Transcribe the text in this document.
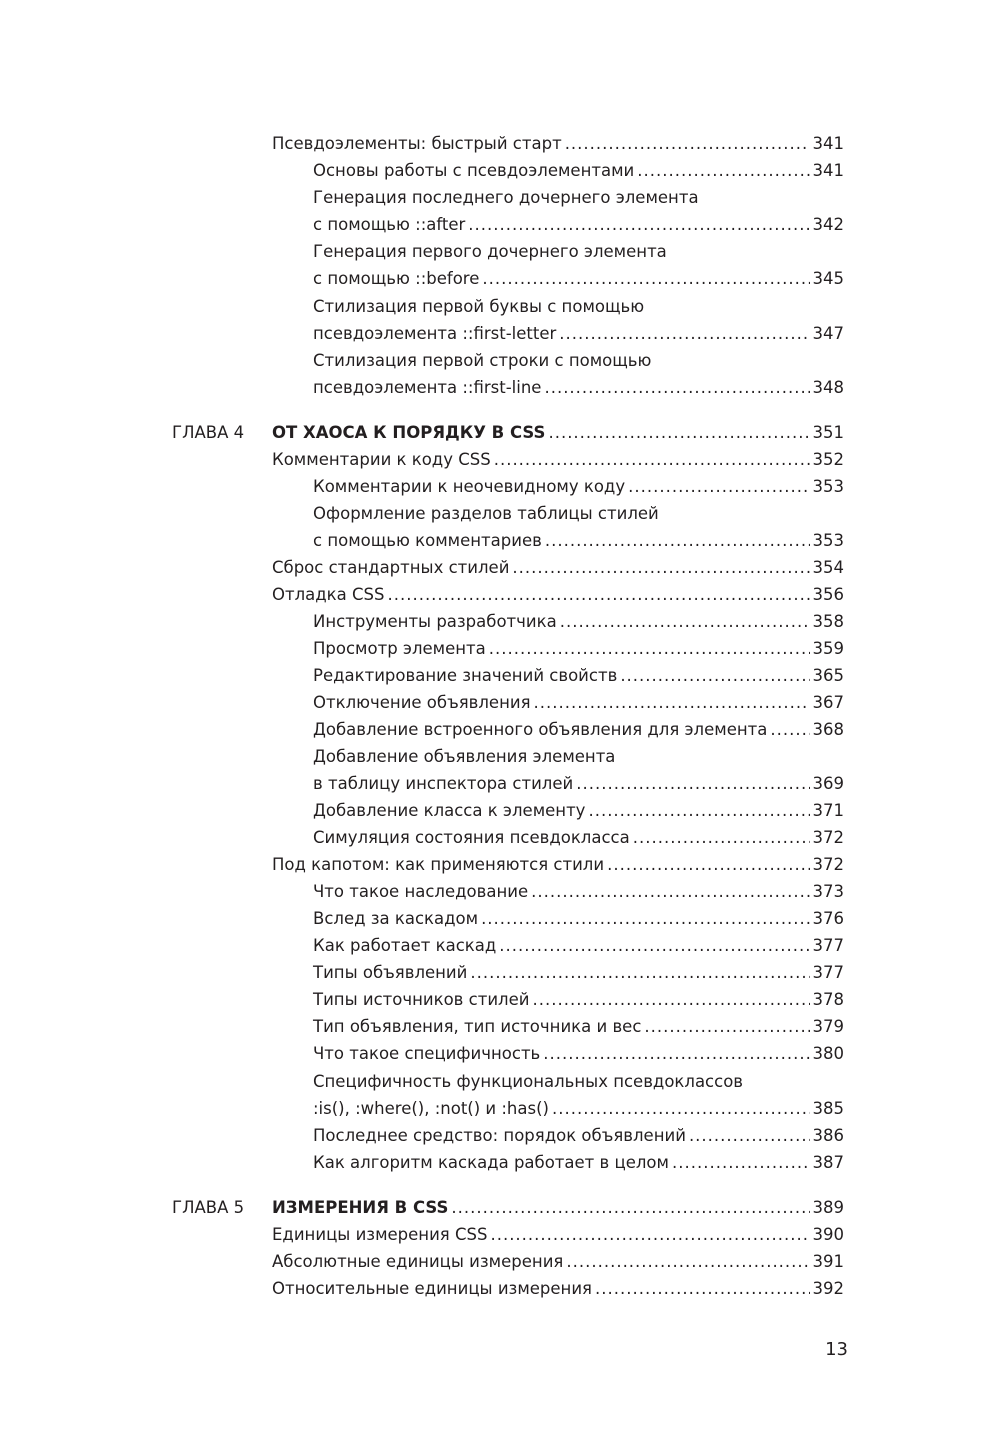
Псевдоэлементы: быстрый старт .....	341
Основы работы с псевдоэлементами .....	341
Генерация последнего дочернего элемента
с помощью ::after .....	342
Генерация первого дочернего элемента
с помощью ::before .....	345
Стилизация первой буквы с помощью
псевдоэлемента ::first-letter .....	347
Стилизация первой строки с помощью
псевдоэлемента ::first-line .....	348
ГЛАВА 4 ОТ ХАОСА К ПОРЯДКУ В CSS .....	351
Комментарии к коду CSS .....	352
Комментарии к неочевидному коду .....	353
Оформление разделов таблицы стилей
с помощью комментариев .....	353
Сброс стандартных стилей .....	354
Отладка CSS .....	356
Инструменты разработчика .....	358
Просмотр элемента .....	359
Редактирование значений свойств .....	365
Отключение объявления .....	367
Добавление встроенного объявления для элемента .....	368
Добавление объявления элемента
в таблицу инспектора стилей .....	369
Добавление класса к элементу .....	371
Симуляция состояния псевдокласса .....	372
Под капотом: как применяются стили .....	372
Что такое наследование .....	373
Вслед за каскадом .....	376
Как работает каскад .....	377
Типы объявлений .....	377
Типы источников стилей .....	378
Тип объявления, тип источника и вес .....	379
Что такое специфичность .....	380
Специфичность функциональных псевдоклассов
:is(), :where(), :not() и :has() .....	385
Последнее средство: порядок объявлений .....	386
Как алгоритм каскада работает в целом .....	387
ГЛАВА 5 ИЗМЕРЕНИЯ В CSS .....	389
Единицы измерения CSS .....	390
Абсолютные единицы измерения .....	391
Относительные единицы измерения .....	392
13
